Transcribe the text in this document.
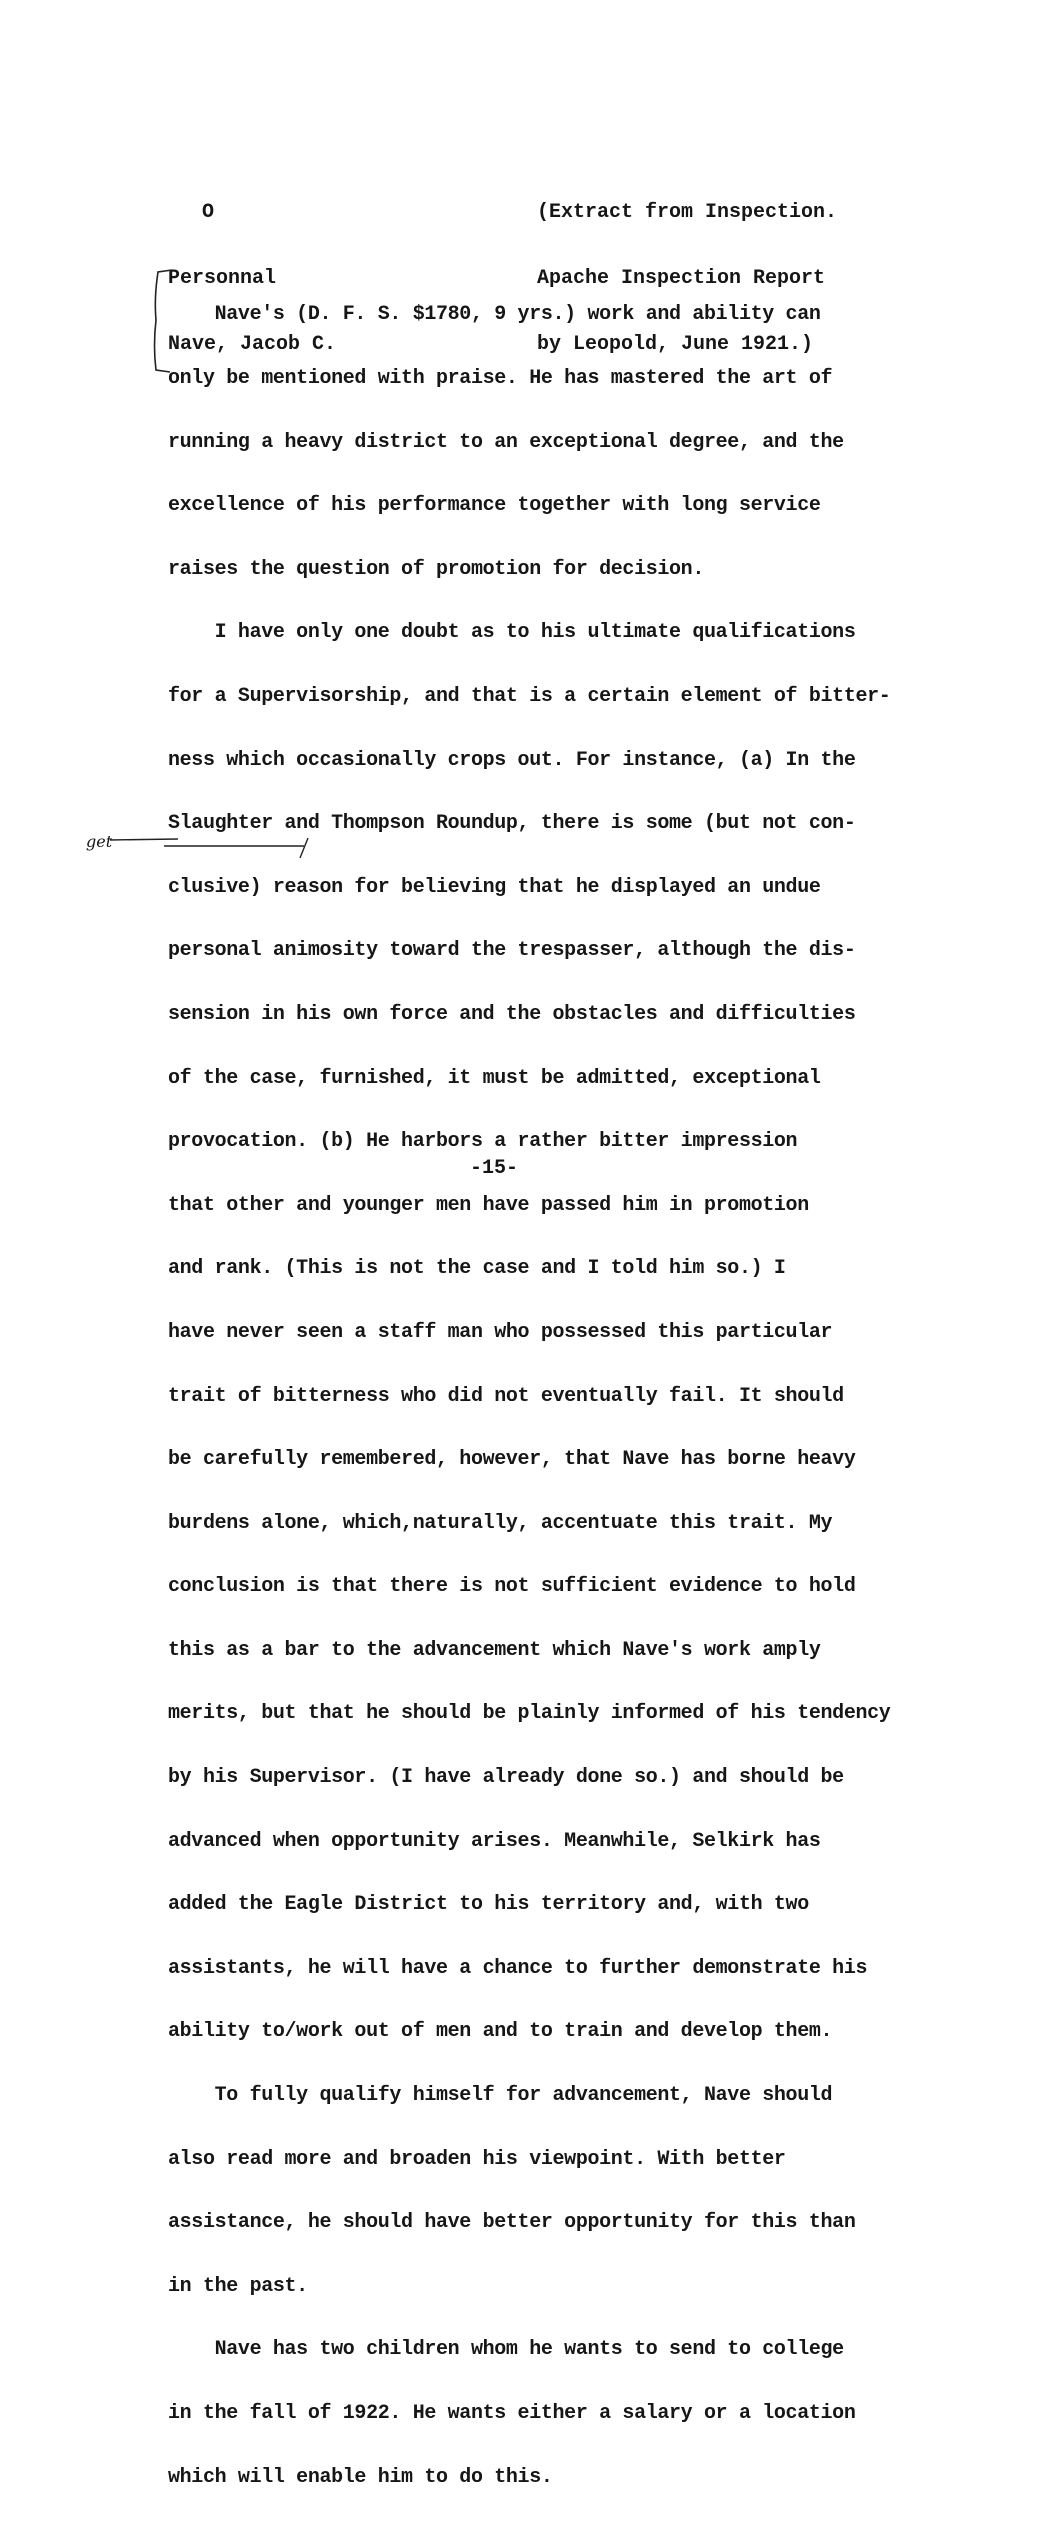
O

Personnal

Nave, Jacob C.

(Extract from Inspection.

Apache Inspection Report

by Leopold, June 1921.)

Nave's (D. F. S. $1780, 9 yrs.) work and ability can

only be mentioned with praise. He has mastered the art of

running a heavy district to an exceptional degree, and the

excellence of his performance together with long service

raises the question of promotion for decision.

I have only one doubt as to his ultimate qualifications

for a Supervisorship, and that is a certain element of bitter-

ness which occasionally crops out. For instance, (a) In the

Slaughter and Thompson Roundup, there is some (but not con-

clusive) reason for believing that he displayed an undue

personal animosity toward the trespasser, although the dis-

sension in his own force and the obstacles and difficulties

of the case, furnished, it must be admitted, exceptional

provocation. (b) He harbors a rather bitter impression

that other and younger men have passed him in promotion

and rank. (This is not the case and I told him so.) I

have never seen a staff man who possessed this particular

trait of bitterness who did not eventually fail. It should

be carefully remembered, however, that Nave has borne heavy

burdens alone, which,naturally, accentuate this trait. My

conclusion is that there is not sufficient evidence to hold

this as a bar to the advancement which Nave's work amply

merits, but that he should be plainly informed of his tendency

by his Supervisor. (I have already done so.) and should be

advanced when opportunity arises. Meanwhile, Selkirk has

added the Eagle District to his territory and, with two

assistants, he will have a chance to further demonstrate his

ability to/work out of men and to train and develop them.

To fully qualify himself for advancement, Nave should

also read more and broaden his viewpoint. With better

assistance, he should have better opportunity for this than

in the past.

Nave has two children whom he wants to send to college

in the fall of 1922. He wants either a salary or a location

which will enable him to do this.

get
-15-
